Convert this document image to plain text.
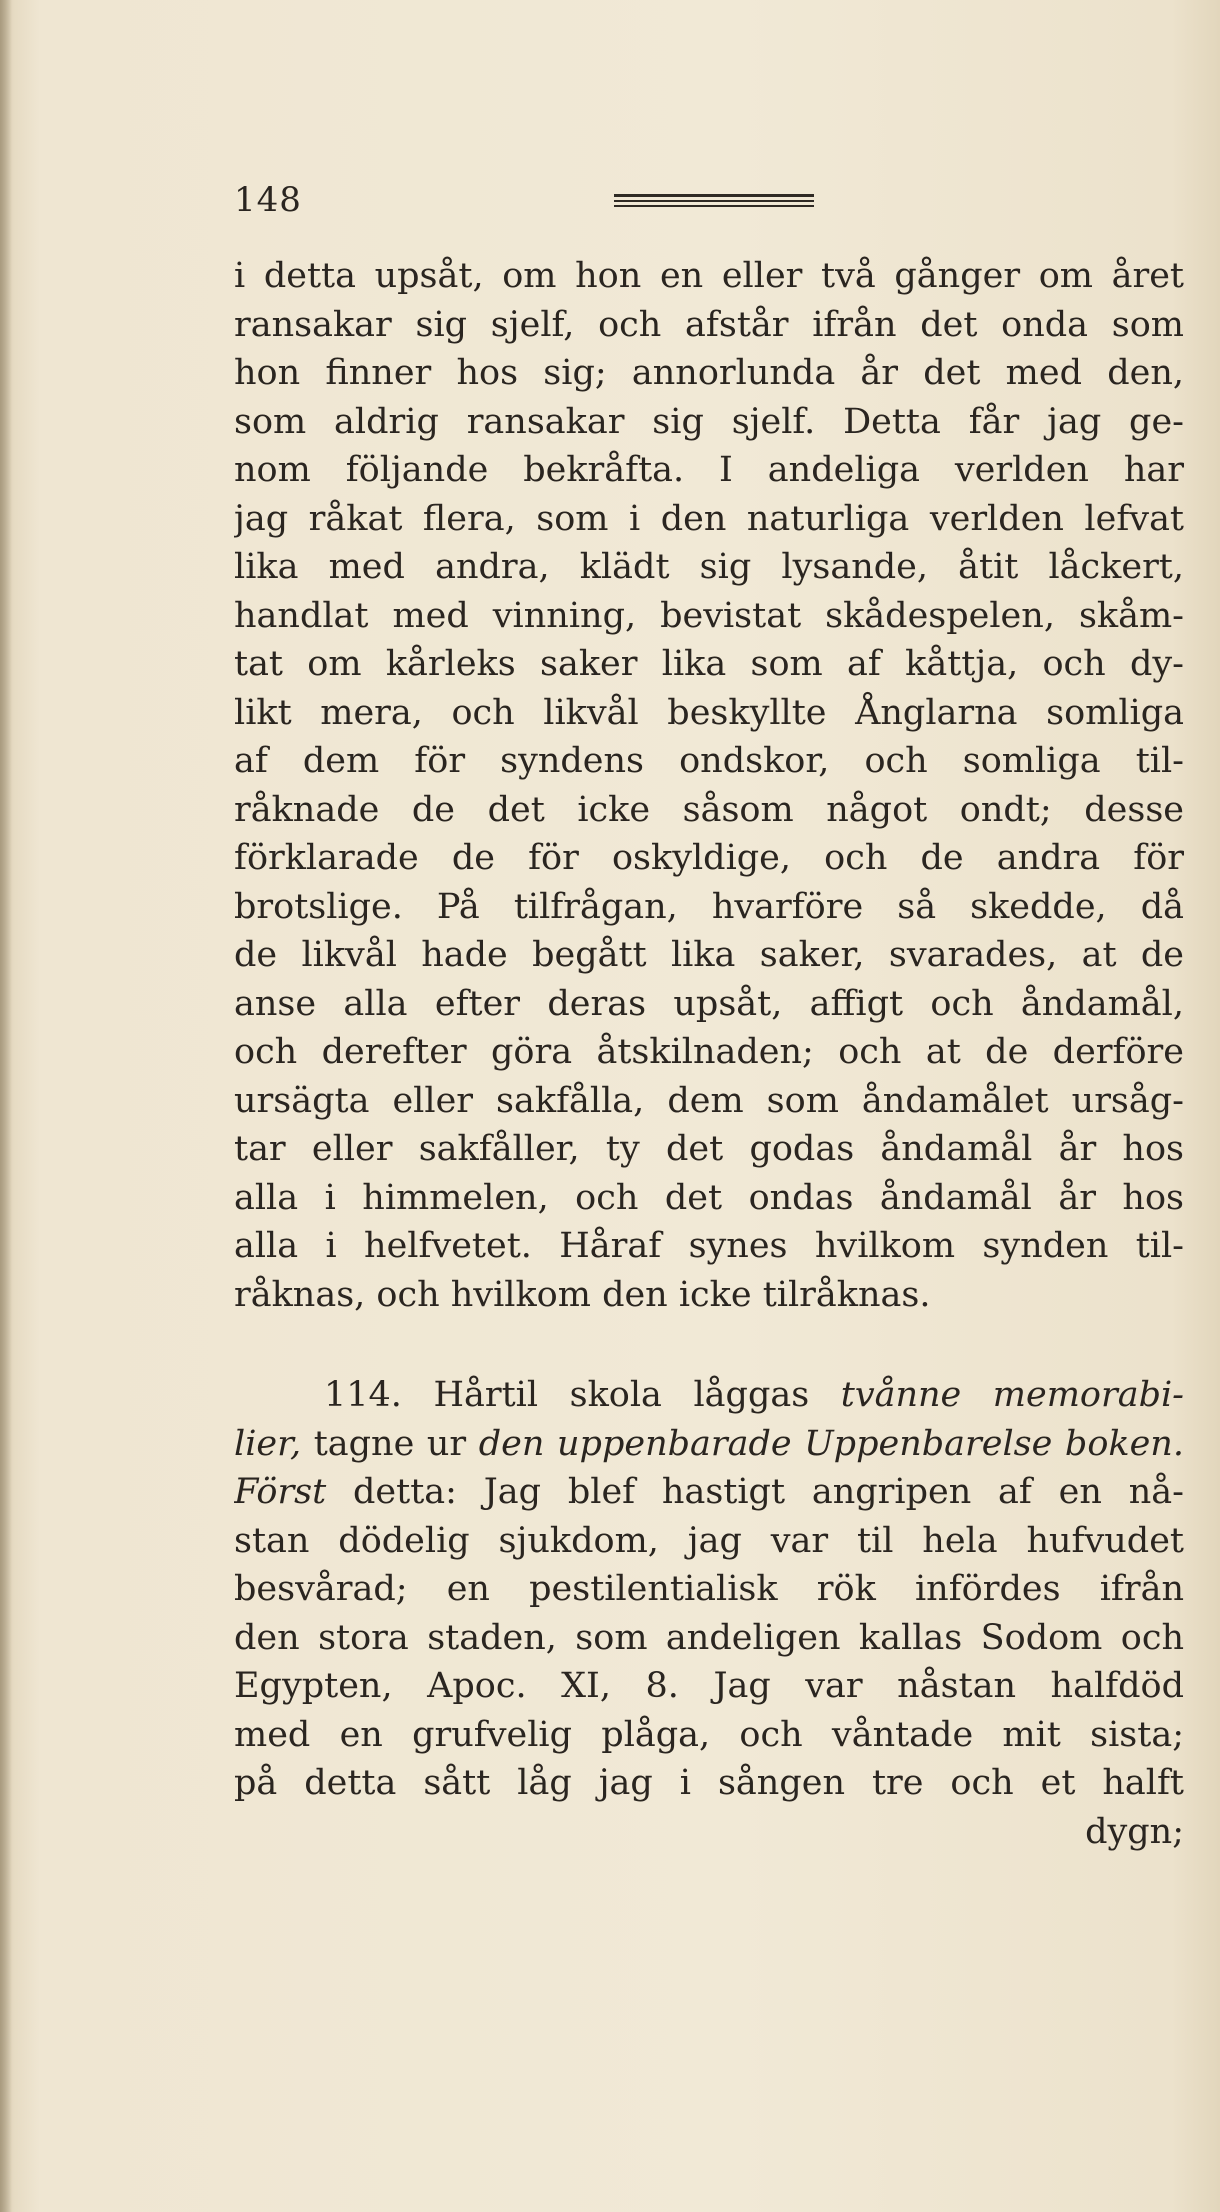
148
i detta upsåt, om hon en eller två gånger om året
ransakar sig sjelf, och afstår ifrån det onda som
hon finner hos sig; annorlunda år det med den,
som aldrig ransakar sig sjelf. Detta får jag ge-
nom följande bekråfta. I andeliga verlden har
jag råkat flera, som i den naturliga verlden lefvat
lika med andra, klädt sig lysande, åtit låckert,
handlat med vinning, bevistat skådespelen, skåm-
tat om kårleks saker lika som af kåttja, och dy-
likt mera, och likvål beskyllte Ånglarna somliga
af dem för syndens ondskor, och somliga til-
råknade de det icke såsom något ondt; desse
förklarade de för oskyldige, och de andra för
brotslige. På tilfrågan, hvarföre så skedde, då
de likvål hade begått lika saker, svarades, at de
anse alla efter deras upsåt, affigt och åndamål,
och derefter göra åtskilnaden; och at de derföre
ursägta eller sakfålla, dem som åndamålet ursåg-
tar eller sakfåller, ty det godas åndamål år hos
alla i himmelen, och det ondas åndamål år hos
alla i helfvetet. Håraf synes hvilkom synden til-
råknas, och hvilkom den icke tilråknas.
114. Hårtil skola låggas tvånne memorabi-
lier, tagne ur den uppenbarade Uppenbarelse boken.
Först detta: Jag blef hastigt angripen af en nå-
stan dödelig sjukdom, jag var til hela hufvudet
besvårad; en pestilentialisk rök infördes ifrån
den stora staden, som andeligen kallas Sodom och
Egypten, Apoc. XI, 8. Jag var nåstan halfdöd
med en grufvelig plåga, och våntade mit sista;
på detta sått låg jag i sången tre och et halft
dygn;
